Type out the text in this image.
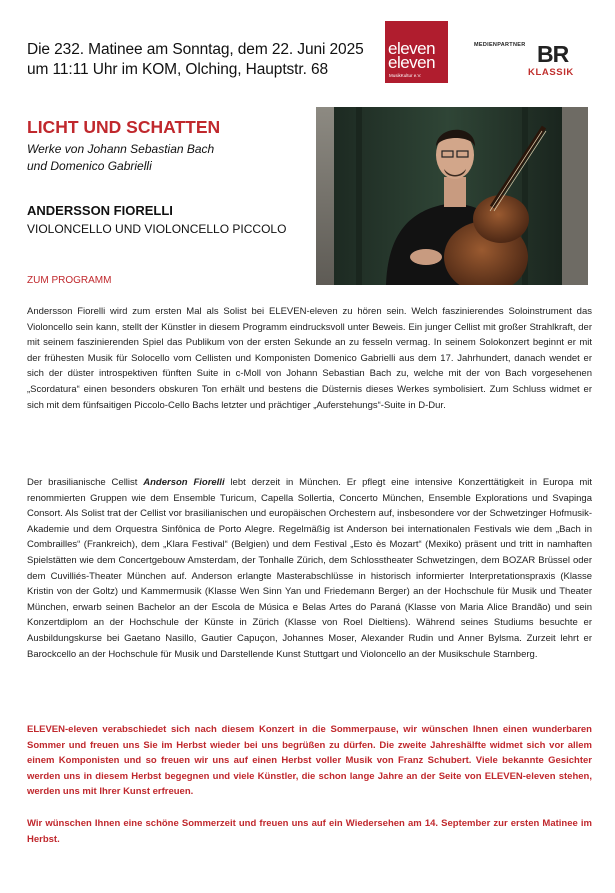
Die 232. Matinee am Sonntag, dem 22. Juni 2025
um 11:11 Uhr im KOM, Olching, Hauptstr. 68
eleven
eleven
MusikKultur e.V.
MEDIENPARTNER BR
KLASSIK
LICHT UND SCHATTEN
Werke von Johann Sebastian Bach
und Domenico Gabrielli
ANDERSSON FIORELLI
VIOLONCELLO UND VIOLONCELLO PICCOLO
ZUM PROGRAMM

Andersson Fiorelli wird zum ersten Mal als Solist bei ELEVEN-eleven zu hören sein. Welch faszinierendes Soloinstrument das Violoncello sein kann, stellt der Künstler in diesem Programm eindrucksvoll unter Beweis. Ein junger Cellist mit großer Strahlkraft, der mit seinem faszinierenden Spiel das Publikum von der ersten Sekunde an zu fesseln vermag. In seinem Solokonzert beginnt er mit der frühesten Musik für Solocello vom Cellisten und Komponisten Domenico Gabrielli aus dem 17. Jahrhundert, danach wendet er sich der düster introspektiven fünften Suite in c-Moll von Johann Sebastian Bach zu, welche mit der von Bach vorgesehenen „Scordatura“ einen besonders obskuren Ton erhält und bestens die Düsternis dieses Werkes symbolisiert. Zum Schluss widmet er sich mit dem fünfsaitigen Piccolo-Cello Bachs letzter und prächtiger „Auferstehungs“-Suite in D-Dur.

Der brasilianische Cellist Anderson Fiorelli lebt derzeit in München. Er pflegt eine intensive Konzerttätigkeit in Europa mit renommierten Gruppen wie dem Ensemble Turicum, Capella Sollertia, Concerto München, Ensemble Explorations und Svapinga Consort. Als Solist trat der Cellist vor brasilianischen und europäischen Orchestern auf, insbesondere vor der Schwetzinger Hofmusik-Akademie und dem Orquestra Sinfônica de Porto Alegre. Regelmäßig ist Anderson bei internationalen Festivals wie dem „Bach in Combrailles“ (Frankreich), dem „Klara Festival“ (Belgien) und dem Festival „Esto ès Mozart“ (Mexiko) präsent und tritt in namhaften Spielstätten wie dem Concertgebouw Amsterdam, der Tonhalle Zürich, dem Schlosstheater Schwetzingen, dem BOZAR Brüssel oder dem Cuvilliés-Theater München auf. Anderson erlangte Masterabschlüsse in historisch informierter Interpretationspraxis (Klasse Kristin von der Goltz) und Kammermusik (Klasse Wen Sinn Yan und Friedemann Berger) an der Hochschule für Musik und Theater München, erwarb seinen Bachelor an der Escola de Música e Belas Artes do Paraná (Klasse von Maria Alice Brandão) und sein Konzertdiplom an der Hochschule der Künste in Zürich (Klasse von Roel Dieltiens). Während seines Studiums besuchte er Ausbildungskurse bei Gaetano Nasillo, Gautier Capuçon, Johannes Moser, Alexander Rudin und Anner Bylsma. Zurzeit lehrt er Barockcello an der Hochschule für Musik und Darstellende Kunst Stuttgart und Violoncello an der Musikschule Starnberg.

ELEVEN-eleven verabschiedet sich nach diesem Konzert in die Sommerpause, wir wünschen Ihnen einen wunderbaren Sommer und freuen uns Sie im Herbst wieder bei uns begrüßen zu dürfen. Die zweite Jahreshälfte widmet sich vor allem einem Komponisten und so freuen wir uns auf einen Herbst voller Musik von Franz Schubert. Viele bekannte Gesichter werden uns in diesem Herbst begegnen und viele Künstler, die schon lange Jahre an der Seite von ELEVEN-eleven stehen, werden uns mit Ihrer Kunst erfreuen.

Wir wünschen Ihnen eine schöne Sommerzeit und freuen uns auf ein Wiedersehen am 14. September zur ersten Matinee im Herbst.
